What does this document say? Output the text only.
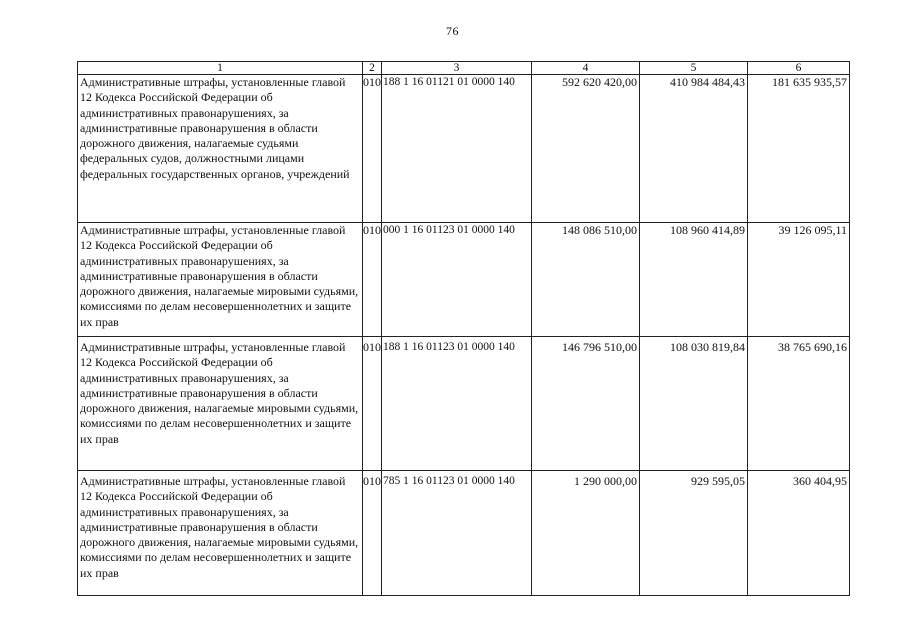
76
1	2	3	4	5	6
Административные штрафы, установленные главой 12 Кодекса Российской Федерации об административных правонарушениях, за административные правонарушения в области дорожного движения, налагаемые судьями федеральных судов, должностными лицами федеральных государственных органов, учреждений	010	188 1 16 01121 01 0000 140	592 620 420,00	410 984 484,43	181 635 935,57
Административные штрафы, установленные главой 12 Кодекса Российской Федерации об административных правонарушениях, за административные правонарушения в области дорожного движения, налагаемые мировыми судьями, комиссиями по делам несовершеннолетних и защите их прав	010	000 1 16 01123 01 0000 140	148 086 510,00	108 960 414,89	39 126 095,11
Административные штрафы, установленные главой 12 Кодекса Российской Федерации об административных правонарушениях, за административные правонарушения в области дорожного движения, налагаемые мировыми судьями, комиссиями по делам несовершеннолетних и защите их прав	010	188 1 16 01123 01 0000 140	146 796 510,00	108 030 819,84	38 765 690,16
Административные штрафы, установленные главой 12 Кодекса Российской Федерации об административных правонарушениях, за административные правонарушения в области дорожного движения, налагаемые мировыми судьями, комиссиями по делам несовершеннолетних и защите их прав	010	785 1 16 01123 01 0000 140	1 290 000,00	929 595,05	360 404,95
